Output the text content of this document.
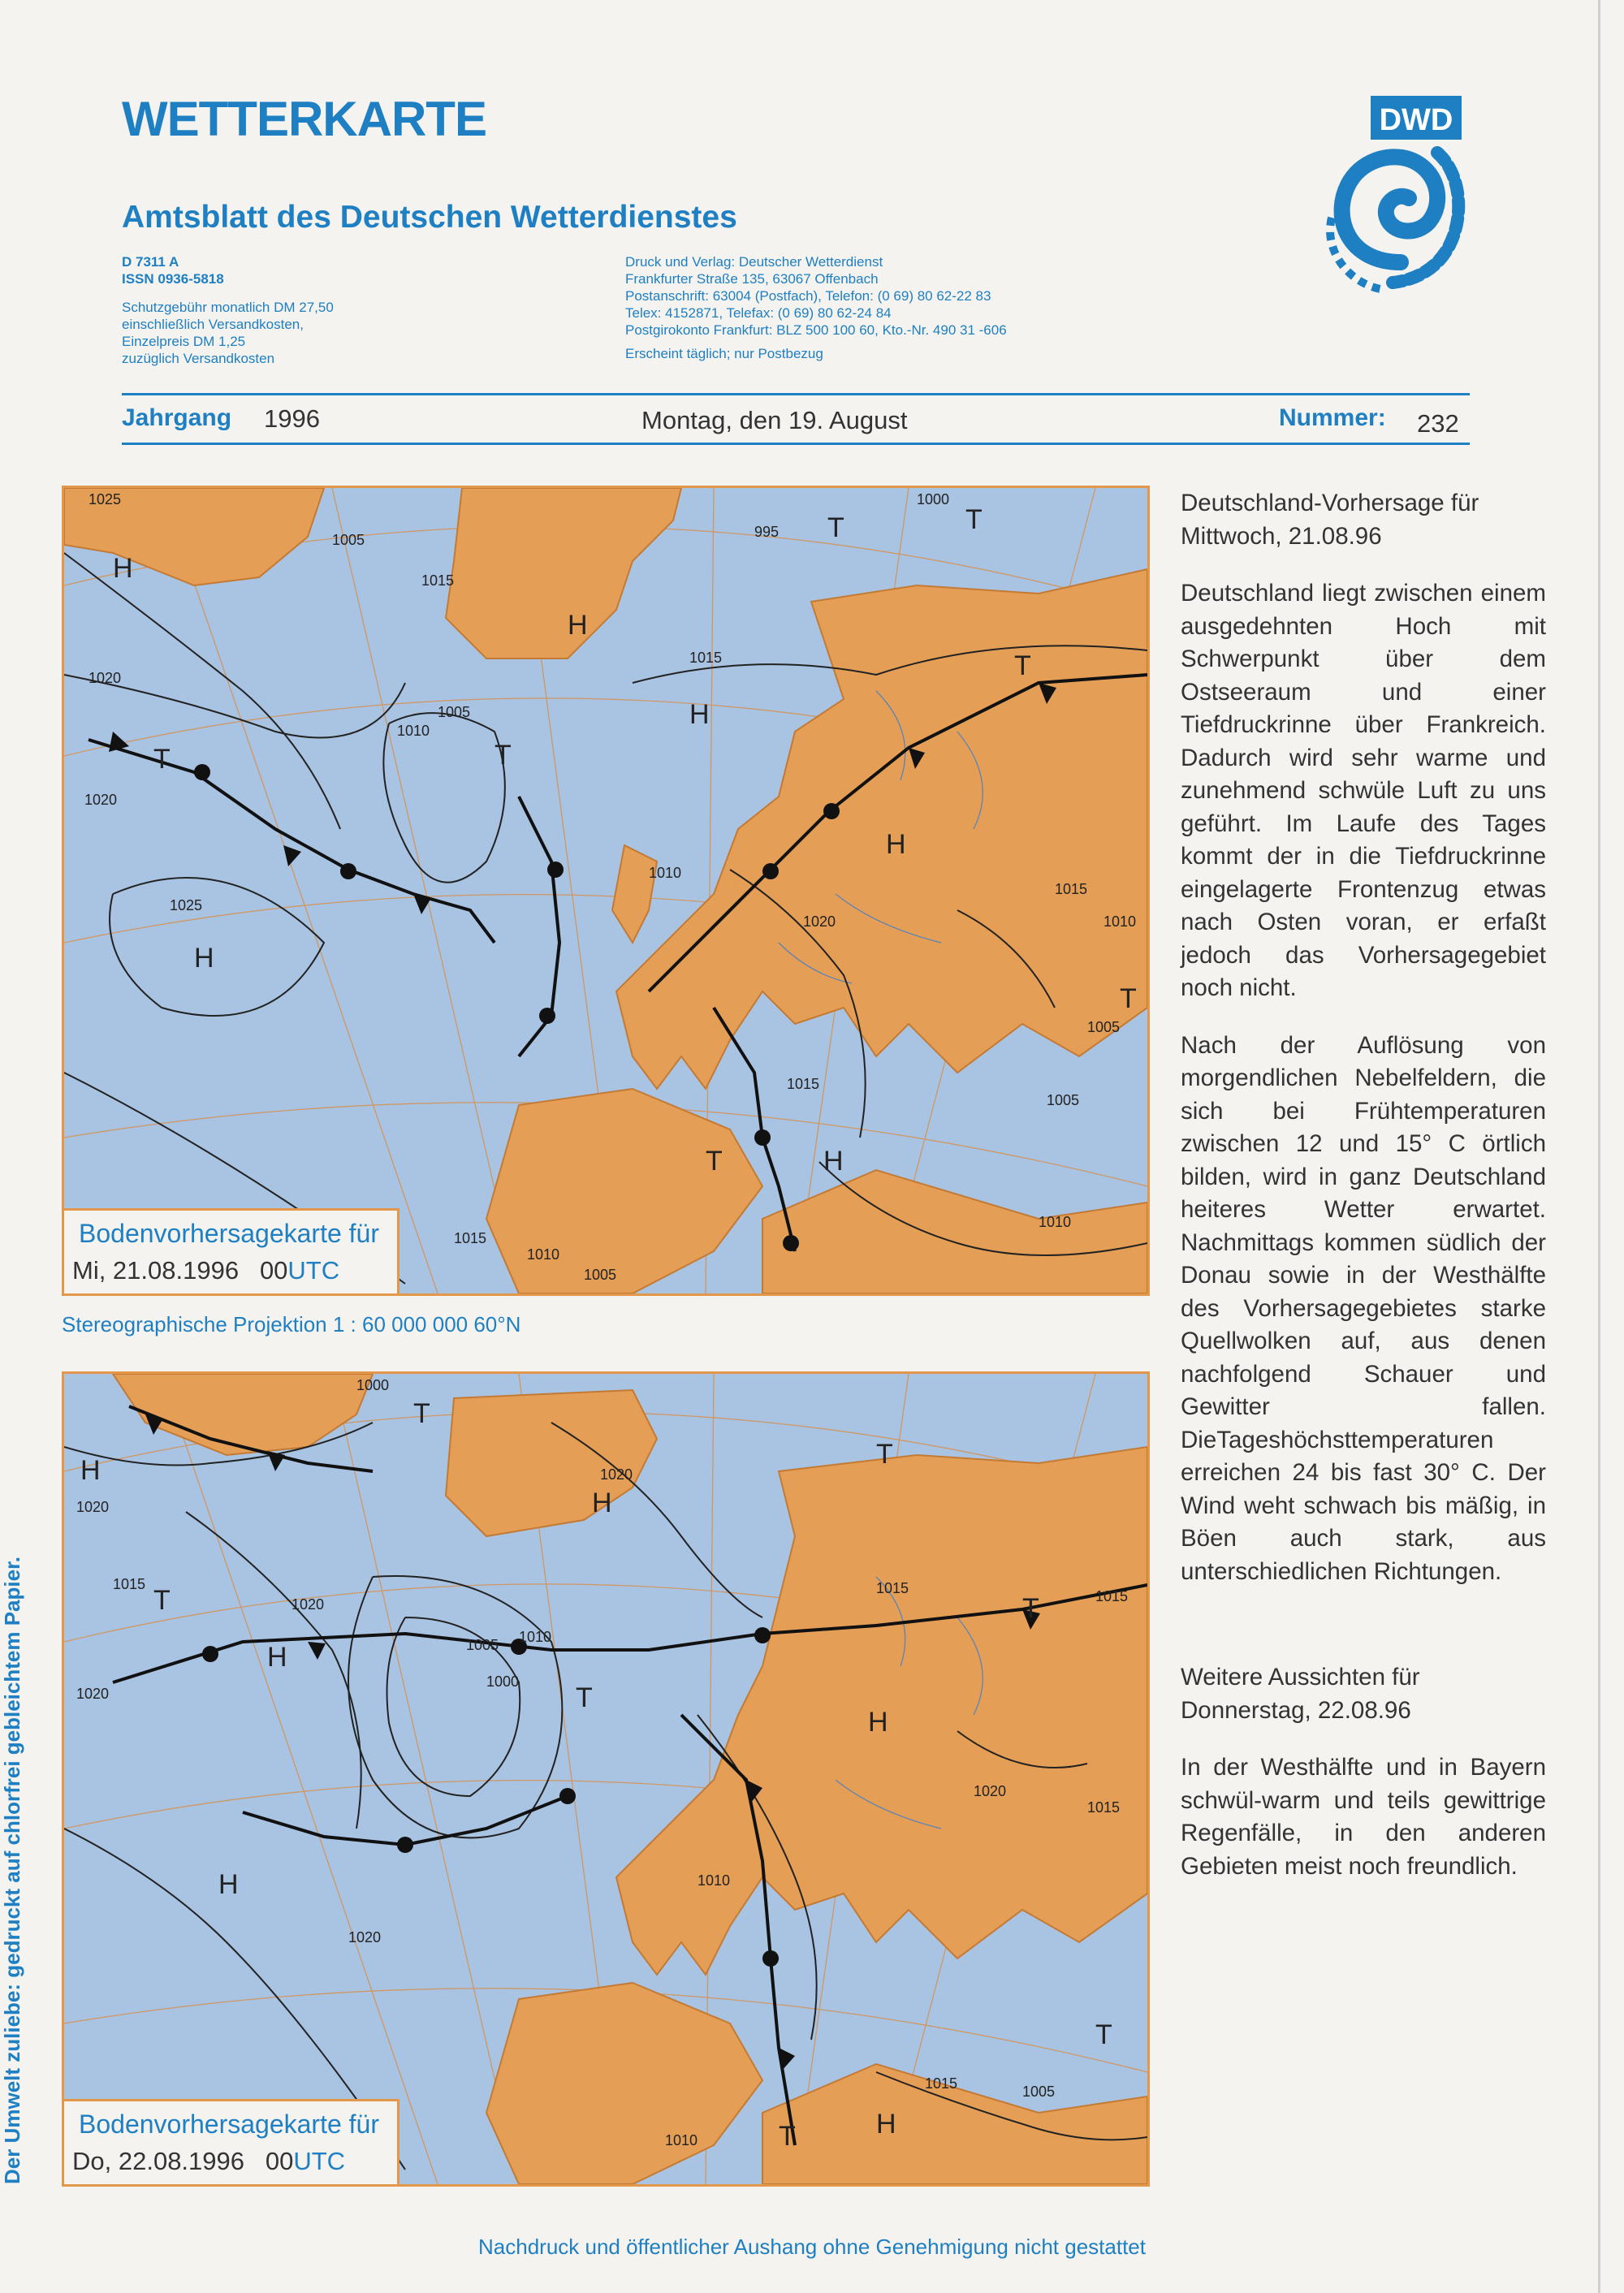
WETTERKARTE
Amtsblatt des Deutschen Wetterdienstes
D 7311 A
ISSN 0936-5818
Schutzgebühr monatlich DM 27,50
einschließlich Versandkosten,
Einzelpreis DM 1,25
zuzüglich Versandkosten
Druck und Verlag: Deutscher Wetterdienst
Frankfurter Straße 135, 63067 Offenbach
Postanschrift: 63004 (Postfach), Telefon: (0 69) 80 62-22 83
Telex: 4152871, Telefax: (0 69) 80 62-24 84
Postgirokonto Frankfurt: BLZ 500 100 60, Kto.-Nr. 490 31 -606
Erscheint täglich; nur Postbezug
DWD
Jahrgang 1996	Montag, den 19. August	Nummer: 232
H
H
H
H
H
H
T	T
T	T
T
T
T
1025
1005
1015
1020
1010
1005
1015
1025
1020
1010
1020
1015
1015
1010
1005
1005
1015
1010
1005
1010
1000
995
Bodenvorhersagekarte für
Mi, 21.08.1996 00UTC
Stereographische Projektion 1 : 60 000 000 60°N
H
H
H
H
H
H
T
T
T
T
T
T
T
1020
1015
1020
1005
1000
1010
1020
1020
1015	1015
1010
1015
1020
1015
1010
1005
1000
1020
Bodenvorhersagekarte für
Do, 22.08.1996 00UTC

Deutschland-Vorhersage für Mittwoch, 21.08.96

Deutschland liegt zwischen einem ausgedehnten Hoch mit Schwerpunkt über dem Ostseeraum und einer Tiefdruckrinne über Frankreich. Dadurch wird sehr warme und zunehmend schwüle Luft zu uns geführt. Im Laufe des Tages kommt der in die Tiefdruckrinne eingelagerte Frontenzug etwas nach Osten voran, er erfaßt jedoch das Vorhersagegebiet noch nicht.

Nach der Auflösung von morgendlichen Nebelfeldern, die sich bei Frühtemperaturen zwischen 12 und 15° C örtlich bilden, wird in ganz Deutschland heiteres Wetter erwartet. Nachmittags kommen südlich der Donau sowie in der Westhälfte des Vorhersagegebietes starke Quellwolken auf, aus denen nachfolgend Schauer und Gewitter fallen. DieTageshöchsttemperaturen erreichen 24 bis fast 30° C. Der Wind weht schwach bis mäßig, in Böen auch stark, aus unterschiedlichen Richtungen.

Weitere Aussichten für Donnerstag, 22.08.96

In der Westhälfte und in Bayern schwül-warm und teils gewittrige Regenfälle, in den anderen Gebieten meist noch freundlich.

Der Umwelt zuliebe: gedruckt auf chlorfrei gebleichtem Papier.
Nachdruck und öffentlicher Aushang ohne Genehmigung nicht gestattet
